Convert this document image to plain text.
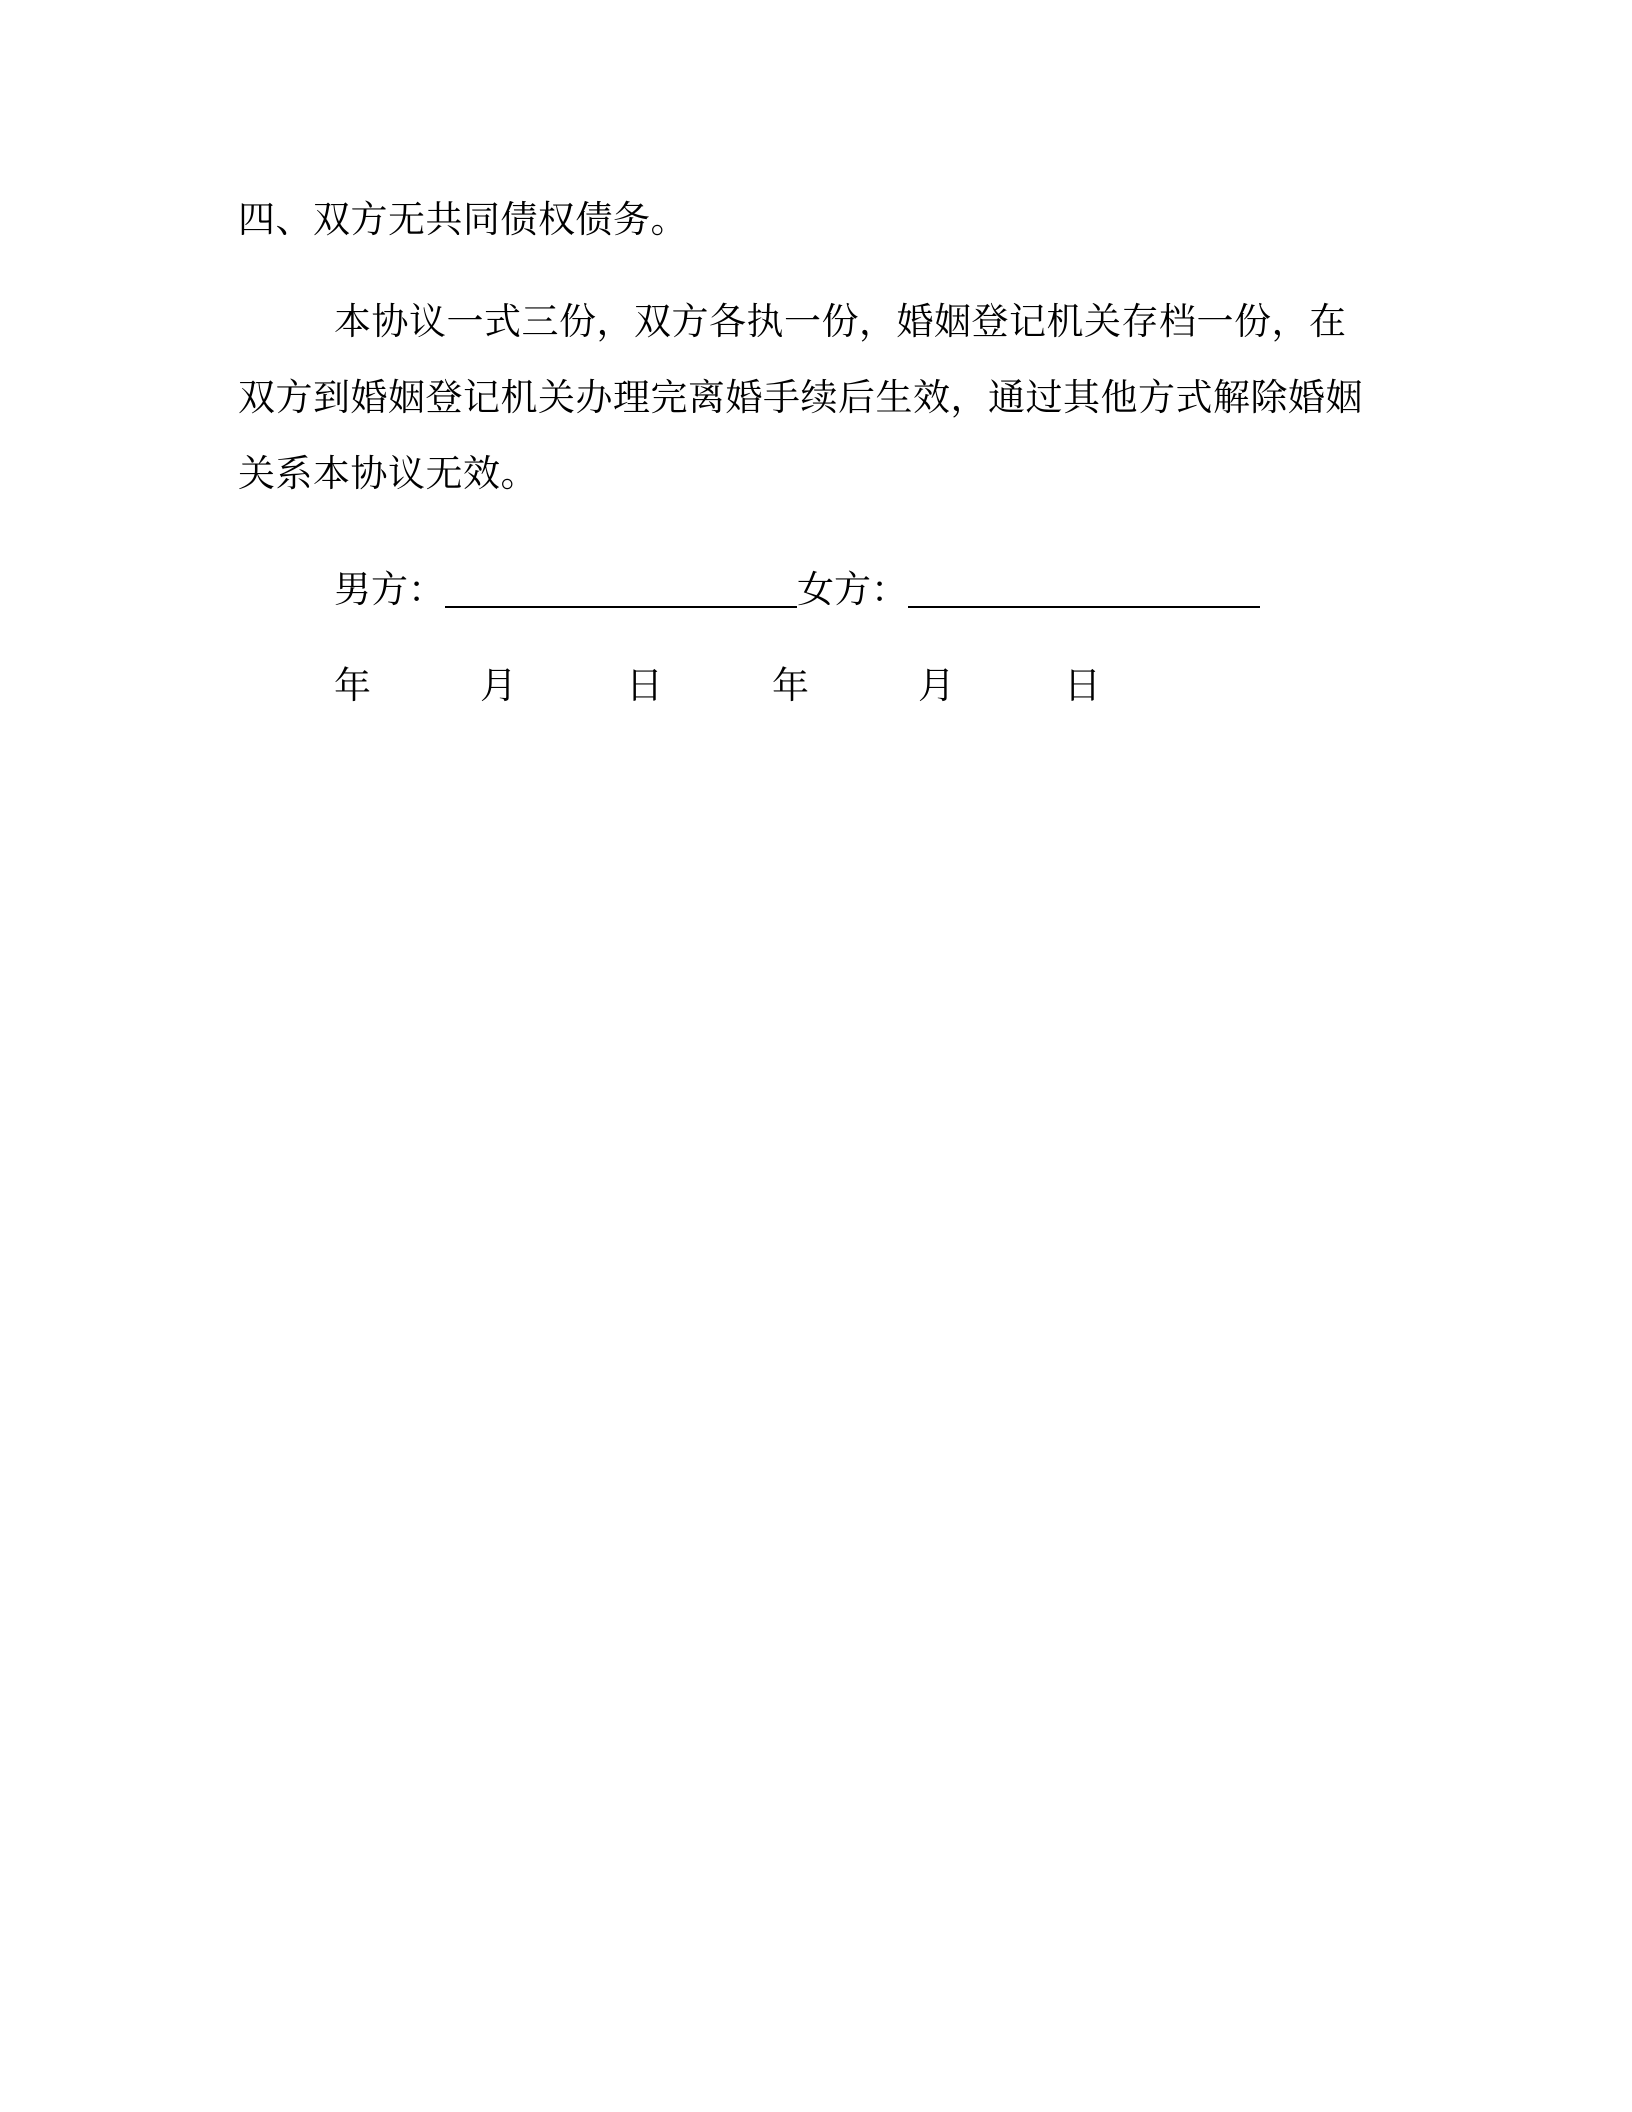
四、双方无共同债权债务。

本协议一式三份，双方各执一份，婚姻登记机关存档一份，在双方到婚姻登记机关办理完离婚手续后生效，通过其他方式解除婚姻关系本协议无效。

男方：	女方：
年	月	日	年	月	日
